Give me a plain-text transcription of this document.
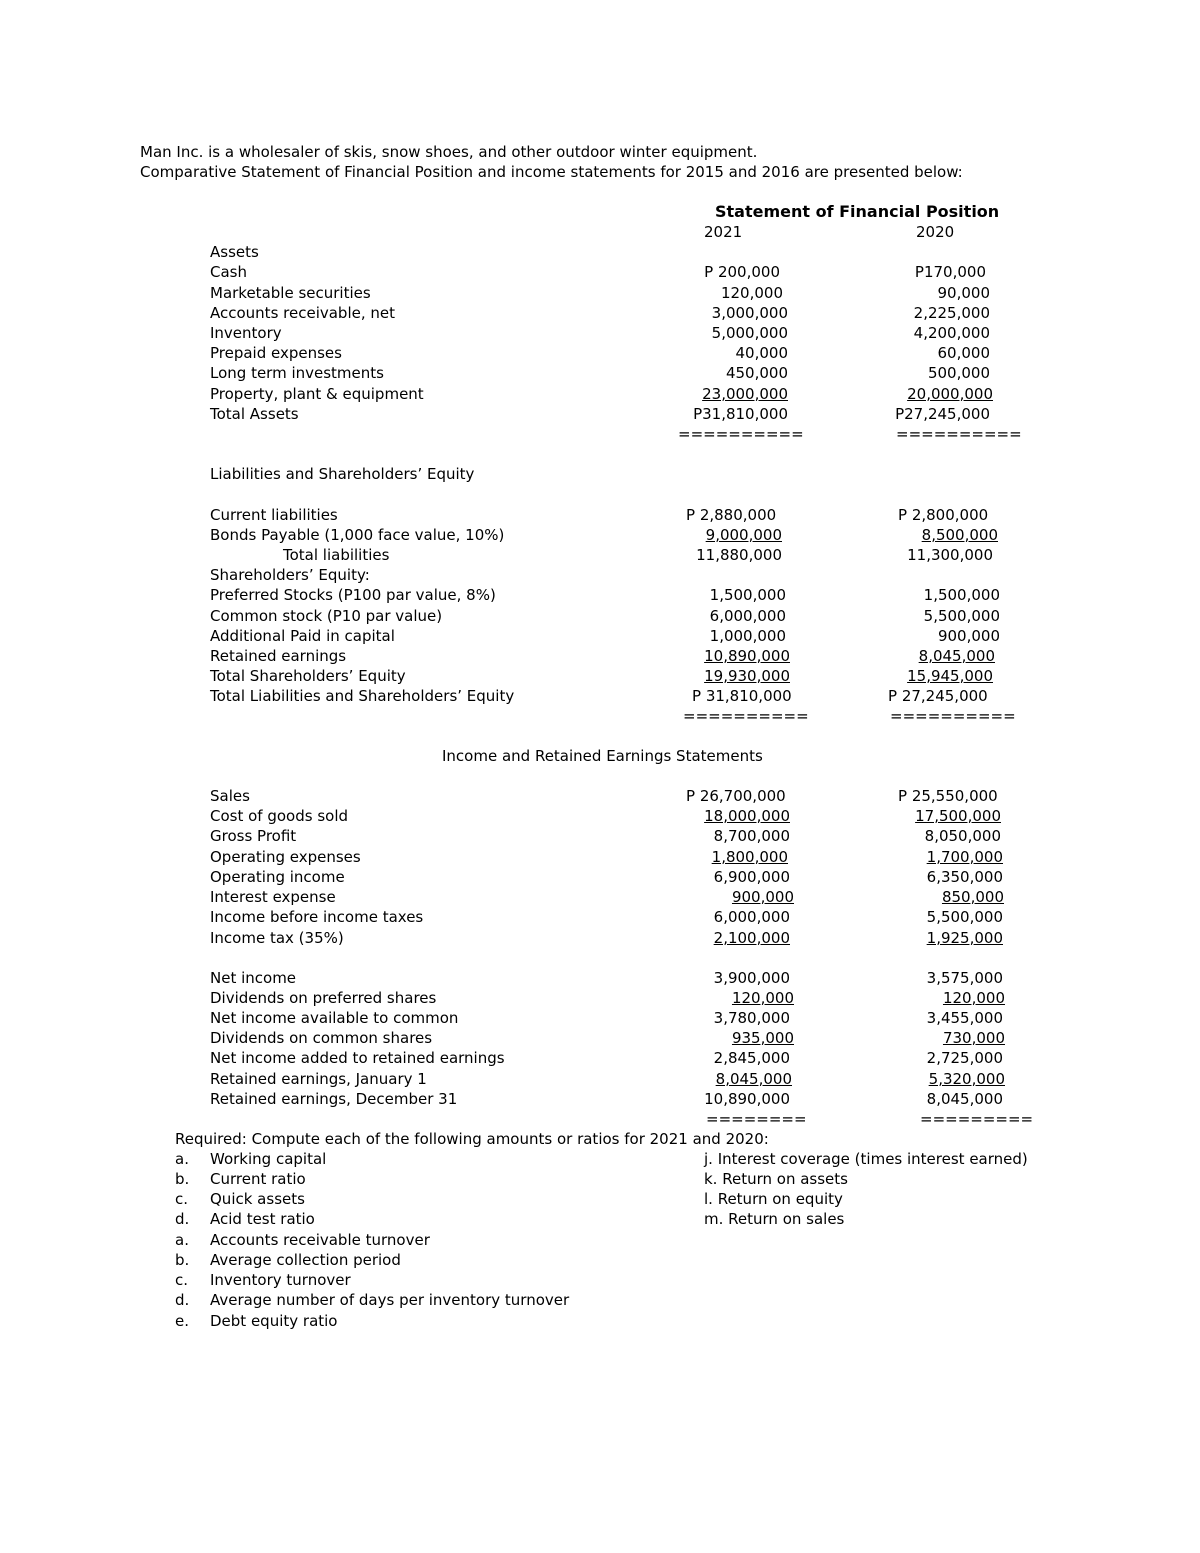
Man Inc. is a wholesaler of skis, snow shoes, and other outdoor winter equipment.
Comparative Statement of Financial Position and income statements for 2015 and 2016 are presented below:
Statement of Financial Position
2021	2020
Assets
Cash	P 200,000	P170,000
Marketable securities	120,000	90,000
Accounts receivable, net	3,000,000	2,225,000
Inventory	5,000,000	4,200,000
Prepaid expenses	40,000	60,000
Long term investments	450,000	500,000
Property, plant & equipment	23,000,000	20,000,000
Total Assets	P31,810,000	P27,245,000
==========	==========
Liabilities and Shareholders’ Equity
Current liabilities	P 2,880,000	P 2,800,000
Bonds Payable (1,000 face value, 10%)	9,000,000	8,500,000
Total liabilities	11,880,000	11,300,000
Shareholders’ Equity:
Preferred Stocks (P100 par value, 8%)	1,500,000	1,500,000
Common stock (P10 par value)	6,000,000	5,500,000
Additional Paid in capital	1,000,000	900,000
Retained earnings	10,890,000	8,045,000
Total Shareholders’ Equity	19,930,000	15,945,000
Total Liabilities and Shareholders’ Equity	P 31,810,000	P 27,245,000
==========	==========
Income and Retained Earnings Statements
Sales	P 26,700,000	P 25,550,000
Cost of goods sold	18,000,000	17,500,000
Gross Profit	8,700,000	8,050,000
Operating expenses	1,800,000	1,700,000
Operating income	6,900,000	6,350,000
Interest expense	900,000	850,000
Income before income taxes	6,000,000	5,500,000
Income tax (35%)	2,100,000	1,925,000
Net income	3,900,000	3,575,000
Dividends on preferred shares	120,000	120,000
Net income available to common	3,780,000	3,455,000
Dividends on common shares	935,000	730,000
Net income added to retained earnings	2,845,000	2,725,000
Retained earnings, January 1	8,045,000	5,320,000
Retained earnings, December 31	10,890,000	8,045,000
========	=========
Required: Compute each of the following amounts or ratios for 2021 and 2020:
a. Working capital	j. Interest coverage (times interest earned)
b. Current ratio	k. Return on assets
c. Quick assets	l. Return on equity
d. Acid test ratio	m. Return on sales
a. Accounts receivable turnover
b. Average collection period
c. Inventory turnover
d. Average number of days per inventory turnover
e. Debt equity ratio
